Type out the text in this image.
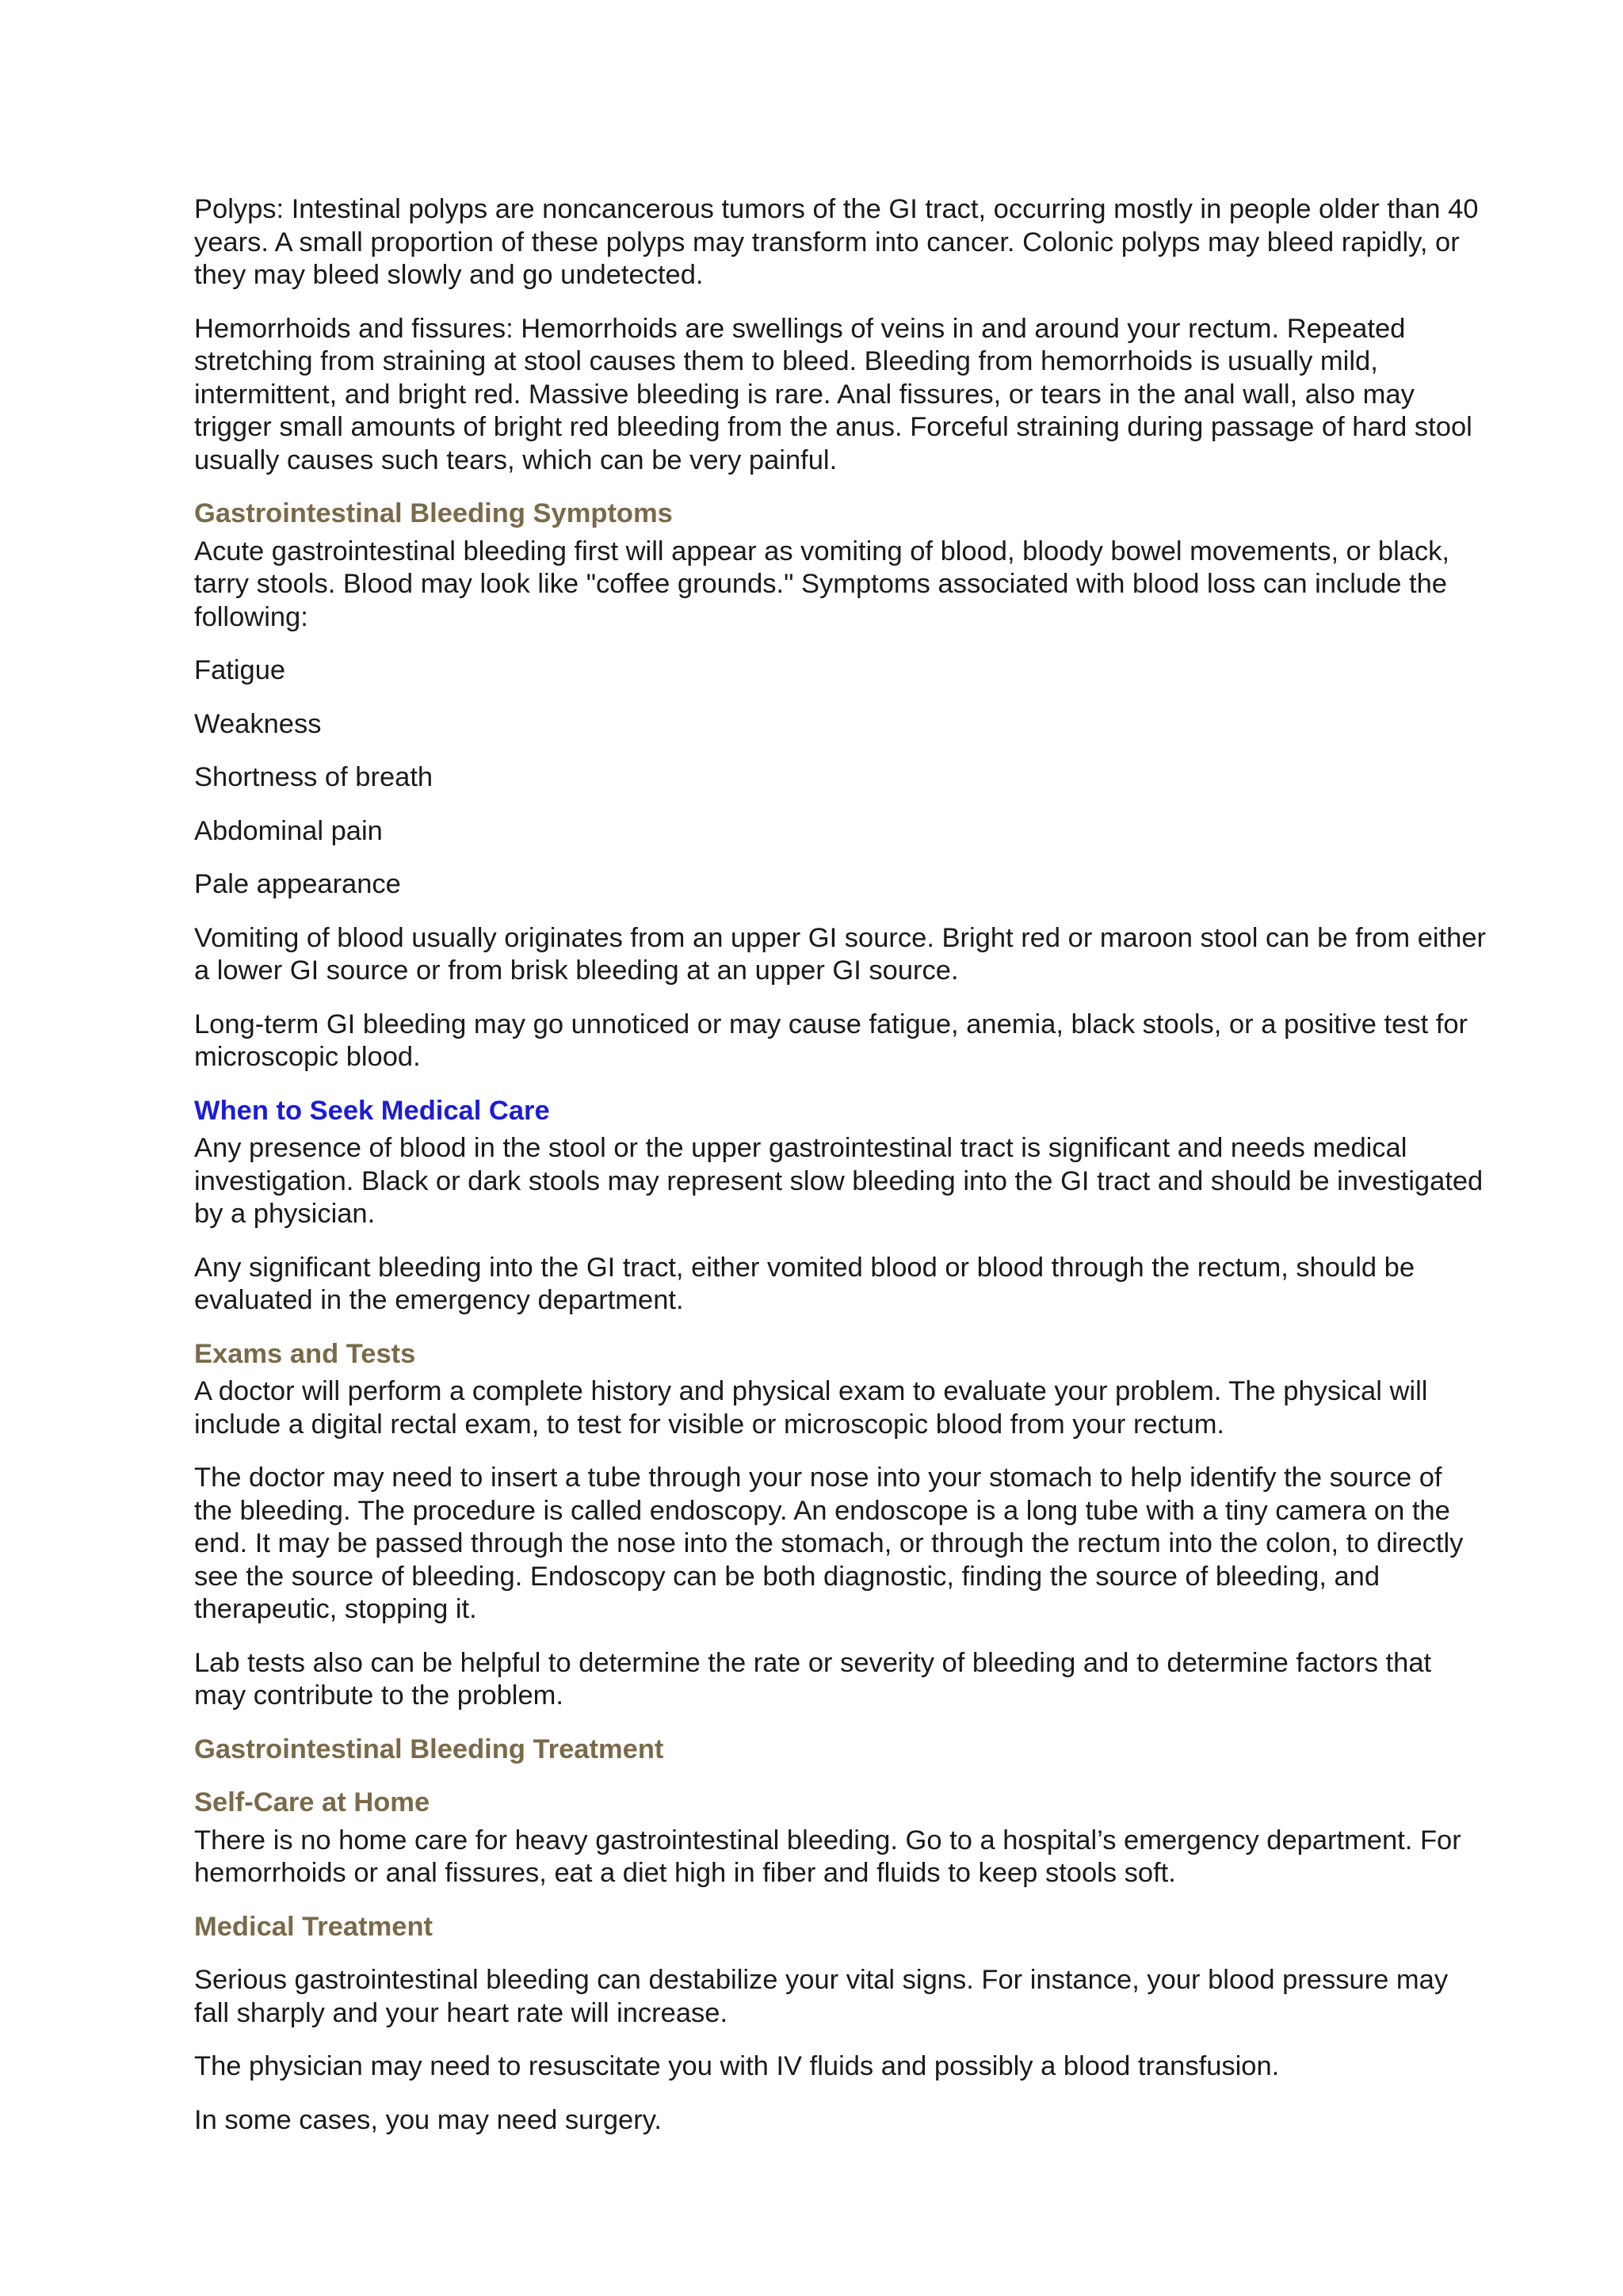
Polyps: Intestinal polyps are noncancerous tumors of the GI tract, occurring mostly in people older than 40 years. A small proportion of these polyps may transform into cancer. Colonic polyps may bleed rapidly, or they may bleed slowly and go undetected.

Hemorrhoids and fissures: Hemorrhoids are swellings of veins in and around your rectum. Repeated stretching from straining at stool causes them to bleed. Bleeding from hemorrhoids is usually mild, intermittent, and bright red. Massive bleeding is rare. Anal fissures, or tears in the anal wall, also may trigger small amounts of bright red bleeding from the anus. Forceful straining during passage of hard stool usually causes such tears, which can be very painful.

Gastrointestinal Bleeding Symptoms

Acute gastrointestinal bleeding first will appear as vomiting of blood, bloody bowel movements, or black, tarry stools. Blood may look like "coffee grounds." Symptoms associated with blood loss can include the following:

Fatigue

Weakness

Shortness of breath

Abdominal pain

Pale appearance

Vomiting of blood usually originates from an upper GI source. Bright red or maroon stool can be from either a lower GI source or from brisk bleeding at an upper GI source.

Long-term GI bleeding may go unnoticed or may cause fatigue, anemia, black stools, or a positive test for microscopic blood.

When to Seek Medical Care

Any presence of blood in the stool or the upper gastrointestinal tract is significant and needs medical investigation. Black or dark stools may represent slow bleeding into the GI tract and should be investigated by a physician.

Any significant bleeding into the GI tract, either vomited blood or blood through the rectum, should be evaluated in the emergency department.

Exams and Tests

A doctor will perform a complete history and physical exam to evaluate your problem. The physical will include a digital rectal exam, to test for visible or microscopic blood from your rectum.

The doctor may need to insert a tube through your nose into your stomach to help identify the source of the bleeding. The procedure is called endoscopy. An endoscope is a long tube with a tiny camera on the end. It may be passed through the nose into the stomach, or through the rectum into the colon, to directly see the source of bleeding. Endoscopy can be both diagnostic, finding the source of bleeding, and therapeutic, stopping it.

Lab tests also can be helpful to determine the rate or severity of bleeding and to determine factors that may contribute to the problem.

Gastrointestinal Bleeding Treatment
Self-Care at Home

There is no home care for heavy gastrointestinal bleeding. Go to a hospital’s emergency department. For hemorrhoids or anal fissures, eat a diet high in fiber and fluids to keep stools soft.

Medical Treatment

Serious gastrointestinal bleeding can destabilize your vital signs. For instance, your blood pressure may fall sharply and your heart rate will increase.

The physician may need to resuscitate you with IV fluids and possibly a blood transfusion.

In some cases, you may need surgery.
